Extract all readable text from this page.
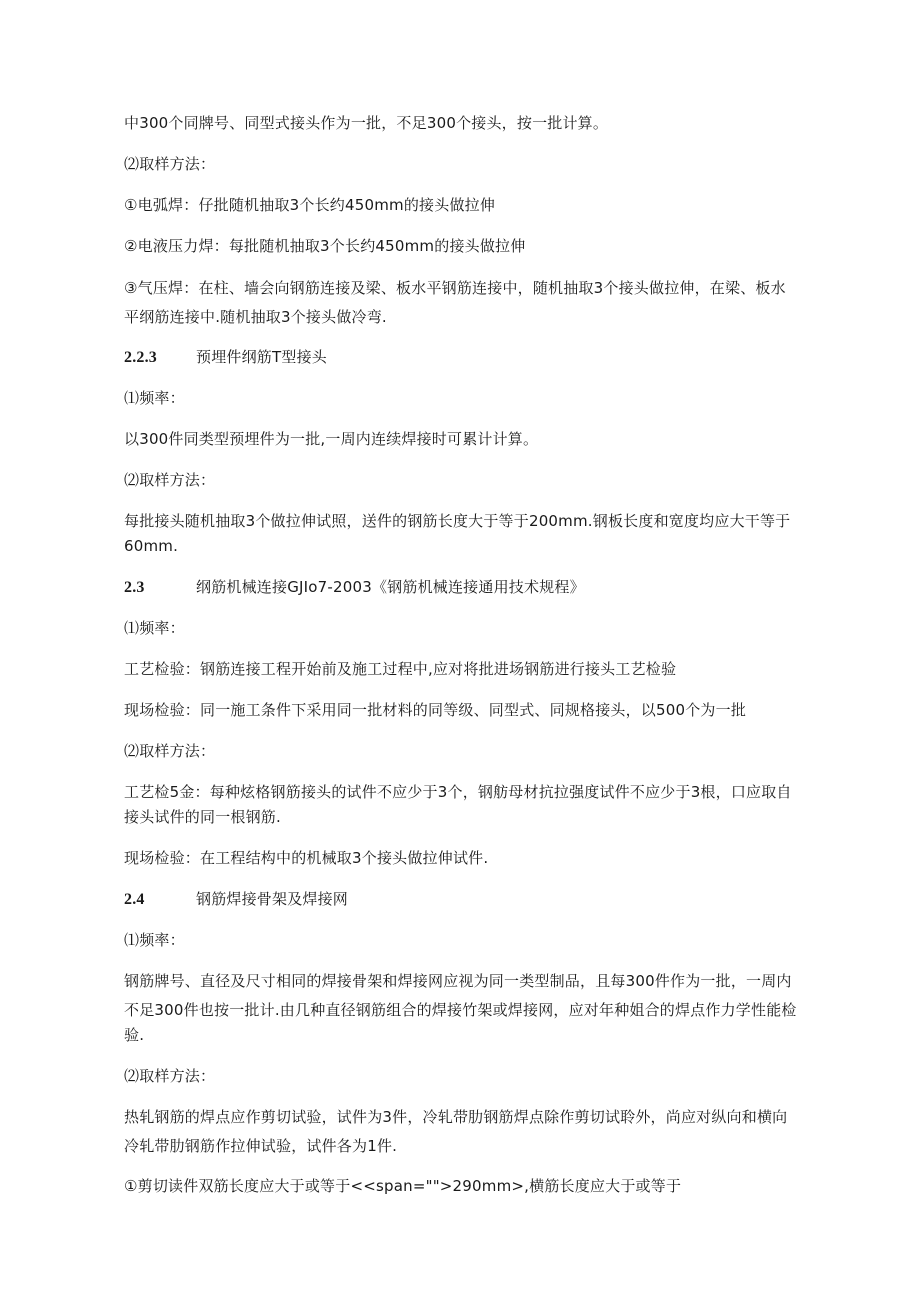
中300个同牌号、同型式接头作为一批，不足300个接头，按一批计算。
⑵取样方法：
①电弧焊：仔批随机抽取3个长约450mm的接头做拉伸
②电液压力焊：每批随机抽取3个长约450mm的接头做拉伸
③气压焊：在柱、墙会向钢筋连接及梁、板水平钢筋连接中，随机抽取3个接头做拉伸，在梁、板水
平纲筋连接中.随机抽取3个接头做冷弯.
2.2.3	预埋件纲筋T型接头
⑴频率：
以300件同类型预埋件为一批,一周内连续焊接时可累计计算。
⑵取样方法：
每批接头随机抽取3个做拉伸试照，送件的钢筋长度大于等于200mm.钢板长度和宽度均应大干等于
60mm.
2.3	纲筋机械连接GJIo7-2003《钢筋机械连接通用技术规程》
⑴频率：
工艺检验：钢筋连接工程开始前及施工过程中,应对将批进场钢筋进行接头工艺检验
现场检验：同一施工条件下采用同一批材料的同等级、同型式、同规格接头，以500个为一批
⑵取样方法：
工艺检5金：每种炫格钢筋接头的试件不应少于3个，钢舫母材抗拉强度试件不应少于3根，口应取自
接头试件的同一根钢筋.
现场检验：在工程结构中的机械取3个接头做拉伸试件.
2.4	钢筋焊接骨架及焊接网
⑴频率：
钢筋牌号、直径及尺寸相同的焊接骨架和焊接网应视为同一类型制品，且每300件作为一批，一周内
不足300件也按一批计.由几种直径钢筋组合的焊接竹架或焊接网，应对年种姐合的焊点作力学性能检
验.
⑵取样方法：
热轧钢筋的焊点应作剪切试验，试件为3件，冷轧带肋钢筋焊点除作剪切试聆外，尚应对纵向和横向
冷轧带肋钢筋作拉伸试验，试件各为1件.
①剪切读件双筋长度应大于或等于<<span="">290mm>,横筋长度应大于或等于
